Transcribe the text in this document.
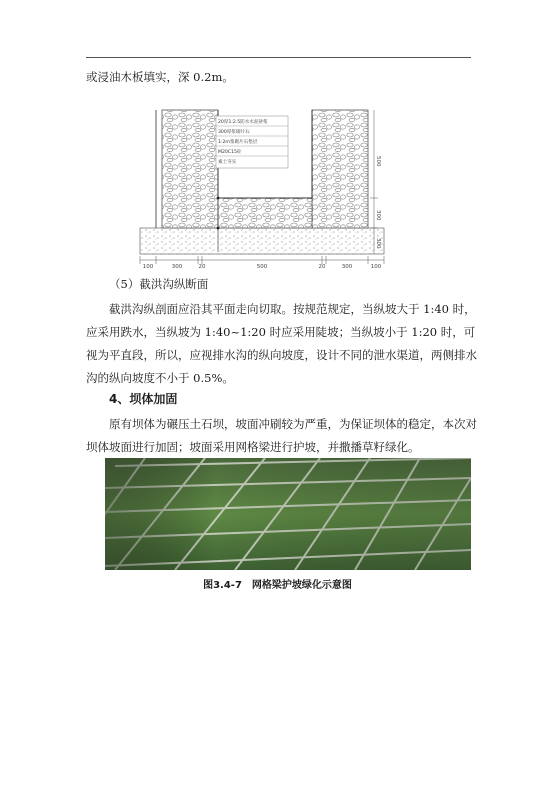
或浸油木板填实，深 0.2m。

20厚1:2.5防水水泥砂浆
300厚浆砌片石
1:2m浆砌片石垫层
M20C15砼
素土夯实	500
300
300
100	300	20	500	20	300	100
（5）截洪沟纵断面

截洪沟纵剖面应沿其平面走向切取。按规范规定，当纵坡大于 1:40 时，应采用跌水，当纵坡为 1:40~1:20 时应采用陡坡；当纵坡小于 1:20 时，可视为平直段，所以，应视排水沟的纵向坡度，设计不同的泄水渠道，两侧排水沟的纵向坡度不小于 0.5%。

4、坝体加固

原有坝体为碾压土石坝，坡面冲刷较为严重，为保证坝体的稳定，本次对坝体坡面进行加固；坡面采用网格梁进行护坡，并撒播草籽绿化。

图3.4-7　网格梁护坡绿化示意图
